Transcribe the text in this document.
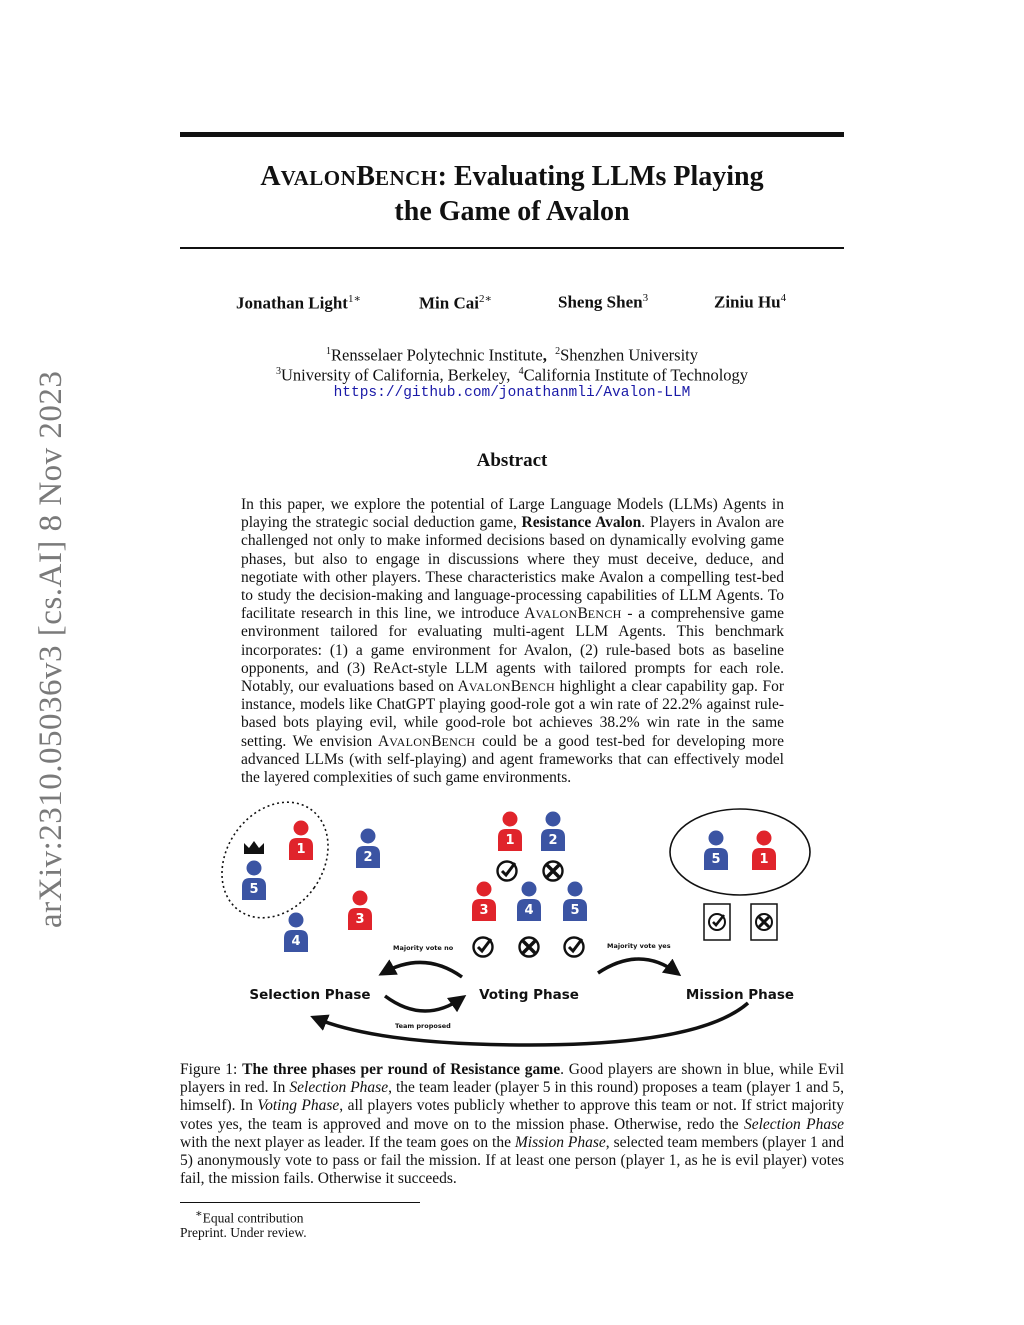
AVALONBENCH: Evaluating LLMs Playing
the Game of Avalon
Jonathan Light$^{1∗}$	Min Cai$^{2∗}$	Sheng Shen$^3$	Ziniu Hu$^4$
$^1$Rensselaer Polytechnic Institute, $^2$Shenzhen University
$^3$University of California, Berkeley, $^4$California Institute of Technology
https://github.com/jonathanmli/Avalon-LLM
arXiv:2310.05036v3 [cs.AI] 8 Nov 2023	Abstract
In this paper, we explore the potential of Large Language Models (LLMs) Agents in playing the strategic social deduction game, Resistance Avalon. Players in Avalon are challenged not only to make informed decisions based on dynamically evolving game phases, but also to engage in discussions where they must deceive, deduce, and negotiate with other players. These characteristics make Avalon a compelling test-bed to study the decision-making and language-processing capabilities of LLM Agents. To facilitate research in this line, we introduce AVALONBENCH - a comprehensive game environment tailored for evaluating multi-agent LLM Agents. This benchmark incorporates: (1) a game environment for Avalon, (2) rule-based bots as baseline opponents, and (3) ReAct-style LLM agents with tailored prompts for each role. Notably, our evaluations based on AVALONBENCH highlight a clear capability gap. For instance, models like ChatGPT playing good-role got a win rate of 22.2% against rule-based bots playing evil, while good-role bot achieves 38.2% win rate in the same setting. We envision AVALONBENCH could be a good test-bed for developing more advanced LLMs (with self-playing) and agent frameworks that can effectively model the layered complexities of such game environments.
5
1
2
3
4
1	2
3	4	5
5	1
Majority vote no
Team proposed
Majority vote yes
Selection Phase	Voting Phase	Mission Phase
Figure 1: The three phases per round of Resistance game. Good players are shown in blue, while Evil players in red. In Selection Phase, the team leader (player 5 in this round) proposes a team (player 1 and 5, himself). In Voting Phase, all players votes publicly whether to approve this team or not. If strict majority votes yes, the team is approved and move on to the mission phase. Otherwise, redo the Selection Phase with the next player as leader. If the team goes on the Mission Phase, selected team members (player 1 and 5) anonymously vote to pass or fail the mission. If at least one person (player 1, as he is evil player) votes fail, the mission fails. Otherwise it succeeds.
∗Equal contribution
Preprint. Under review.
